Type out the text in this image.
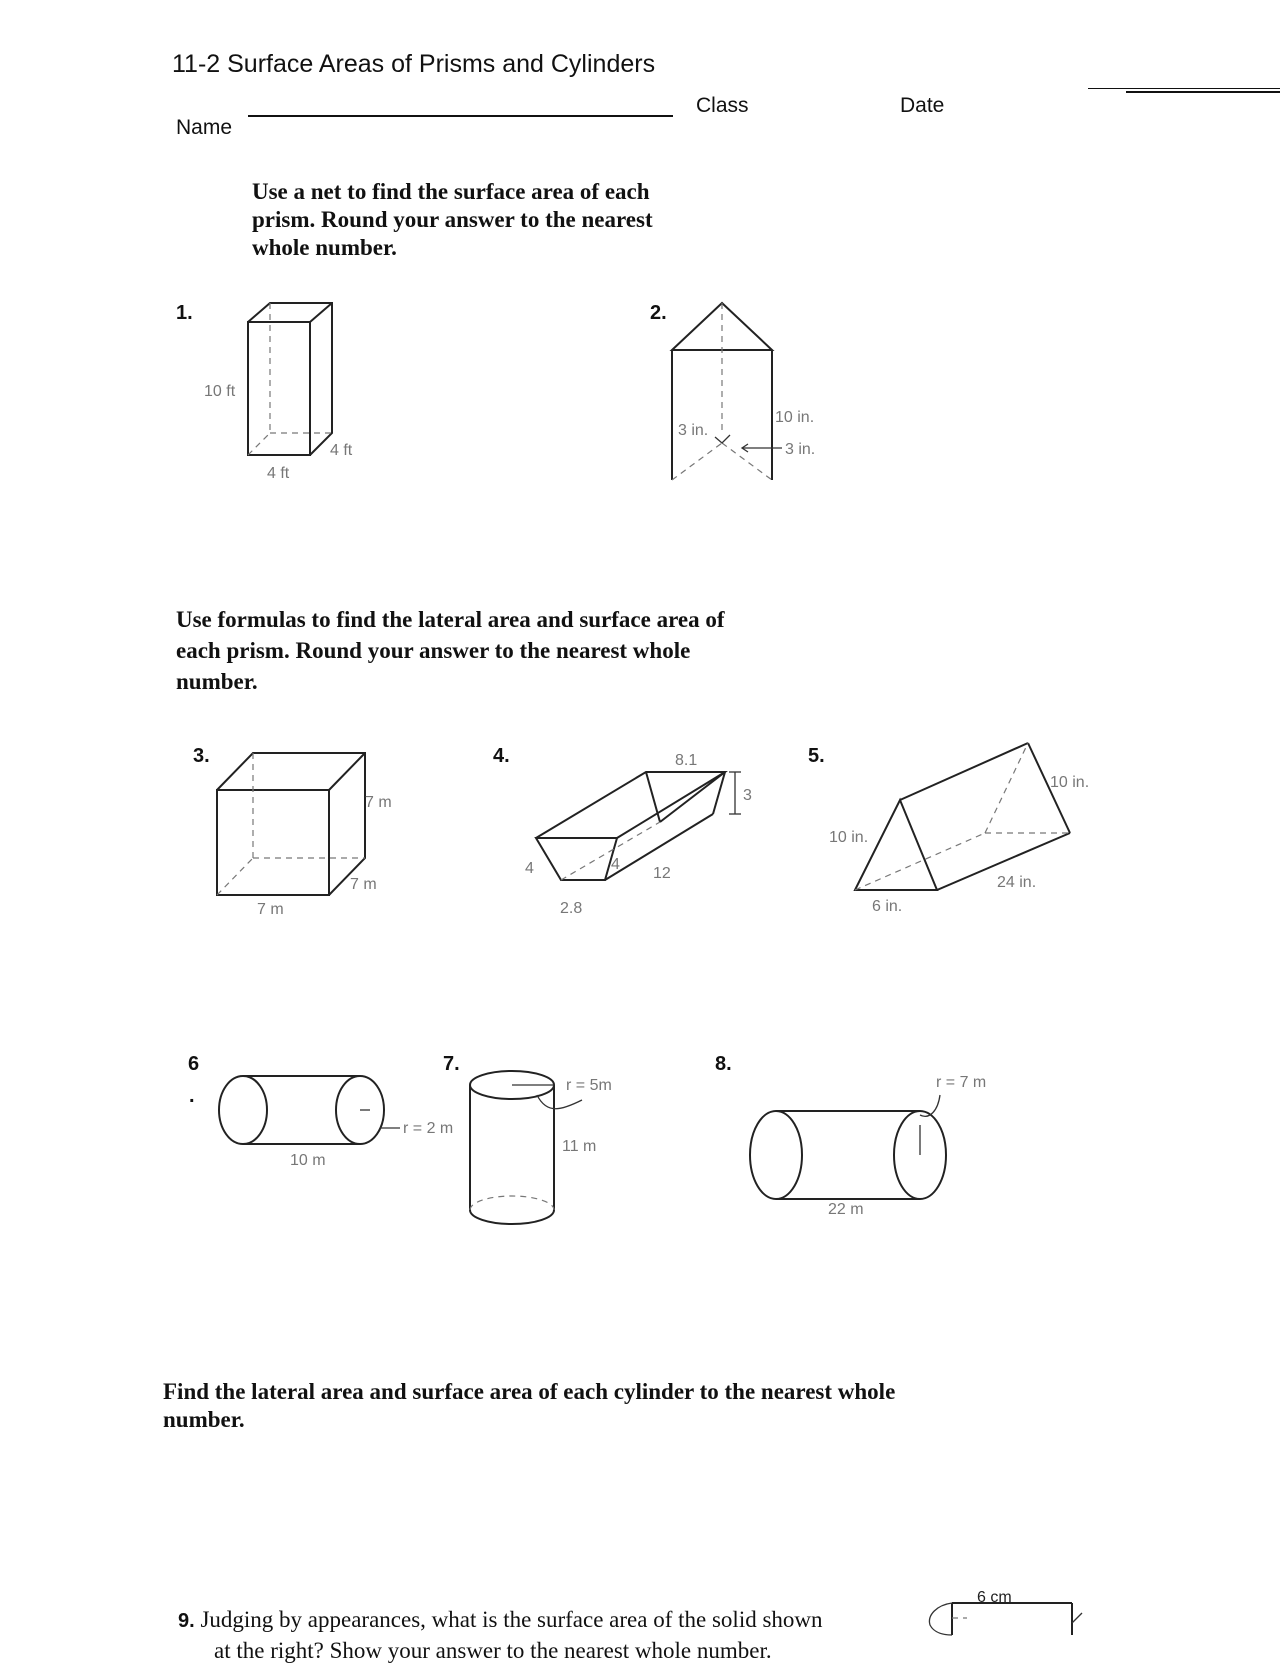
11-2 Surface Areas of Prisms and Cylinders
Name
Class	Date
Use a net to find the surface area of each prism. Round your answer to the nearest whole number.
1.
10 ft
4 ft
4 ft
2.
10 in.
3 in.
3 in.
Use formulas to find the lateral area and surface area of each prism. Round your answer to the nearest whole number.
3.
7 m
7 m
7 m
4.	8.1
3
4	4
12
2.8
5.
10 in.
6 in.
24 in.
10 in.
6
.
10 m
r = 2 m
7.
r = 5m
11 m
8.
r = 7 m
22 m
Find the lateral area and surface area of each cylinder to the nearest whole number.
9. Judging by appearances, what is the surface area of the solid shown
at the right? Show your answer to the nearest whole number.
6 cm
